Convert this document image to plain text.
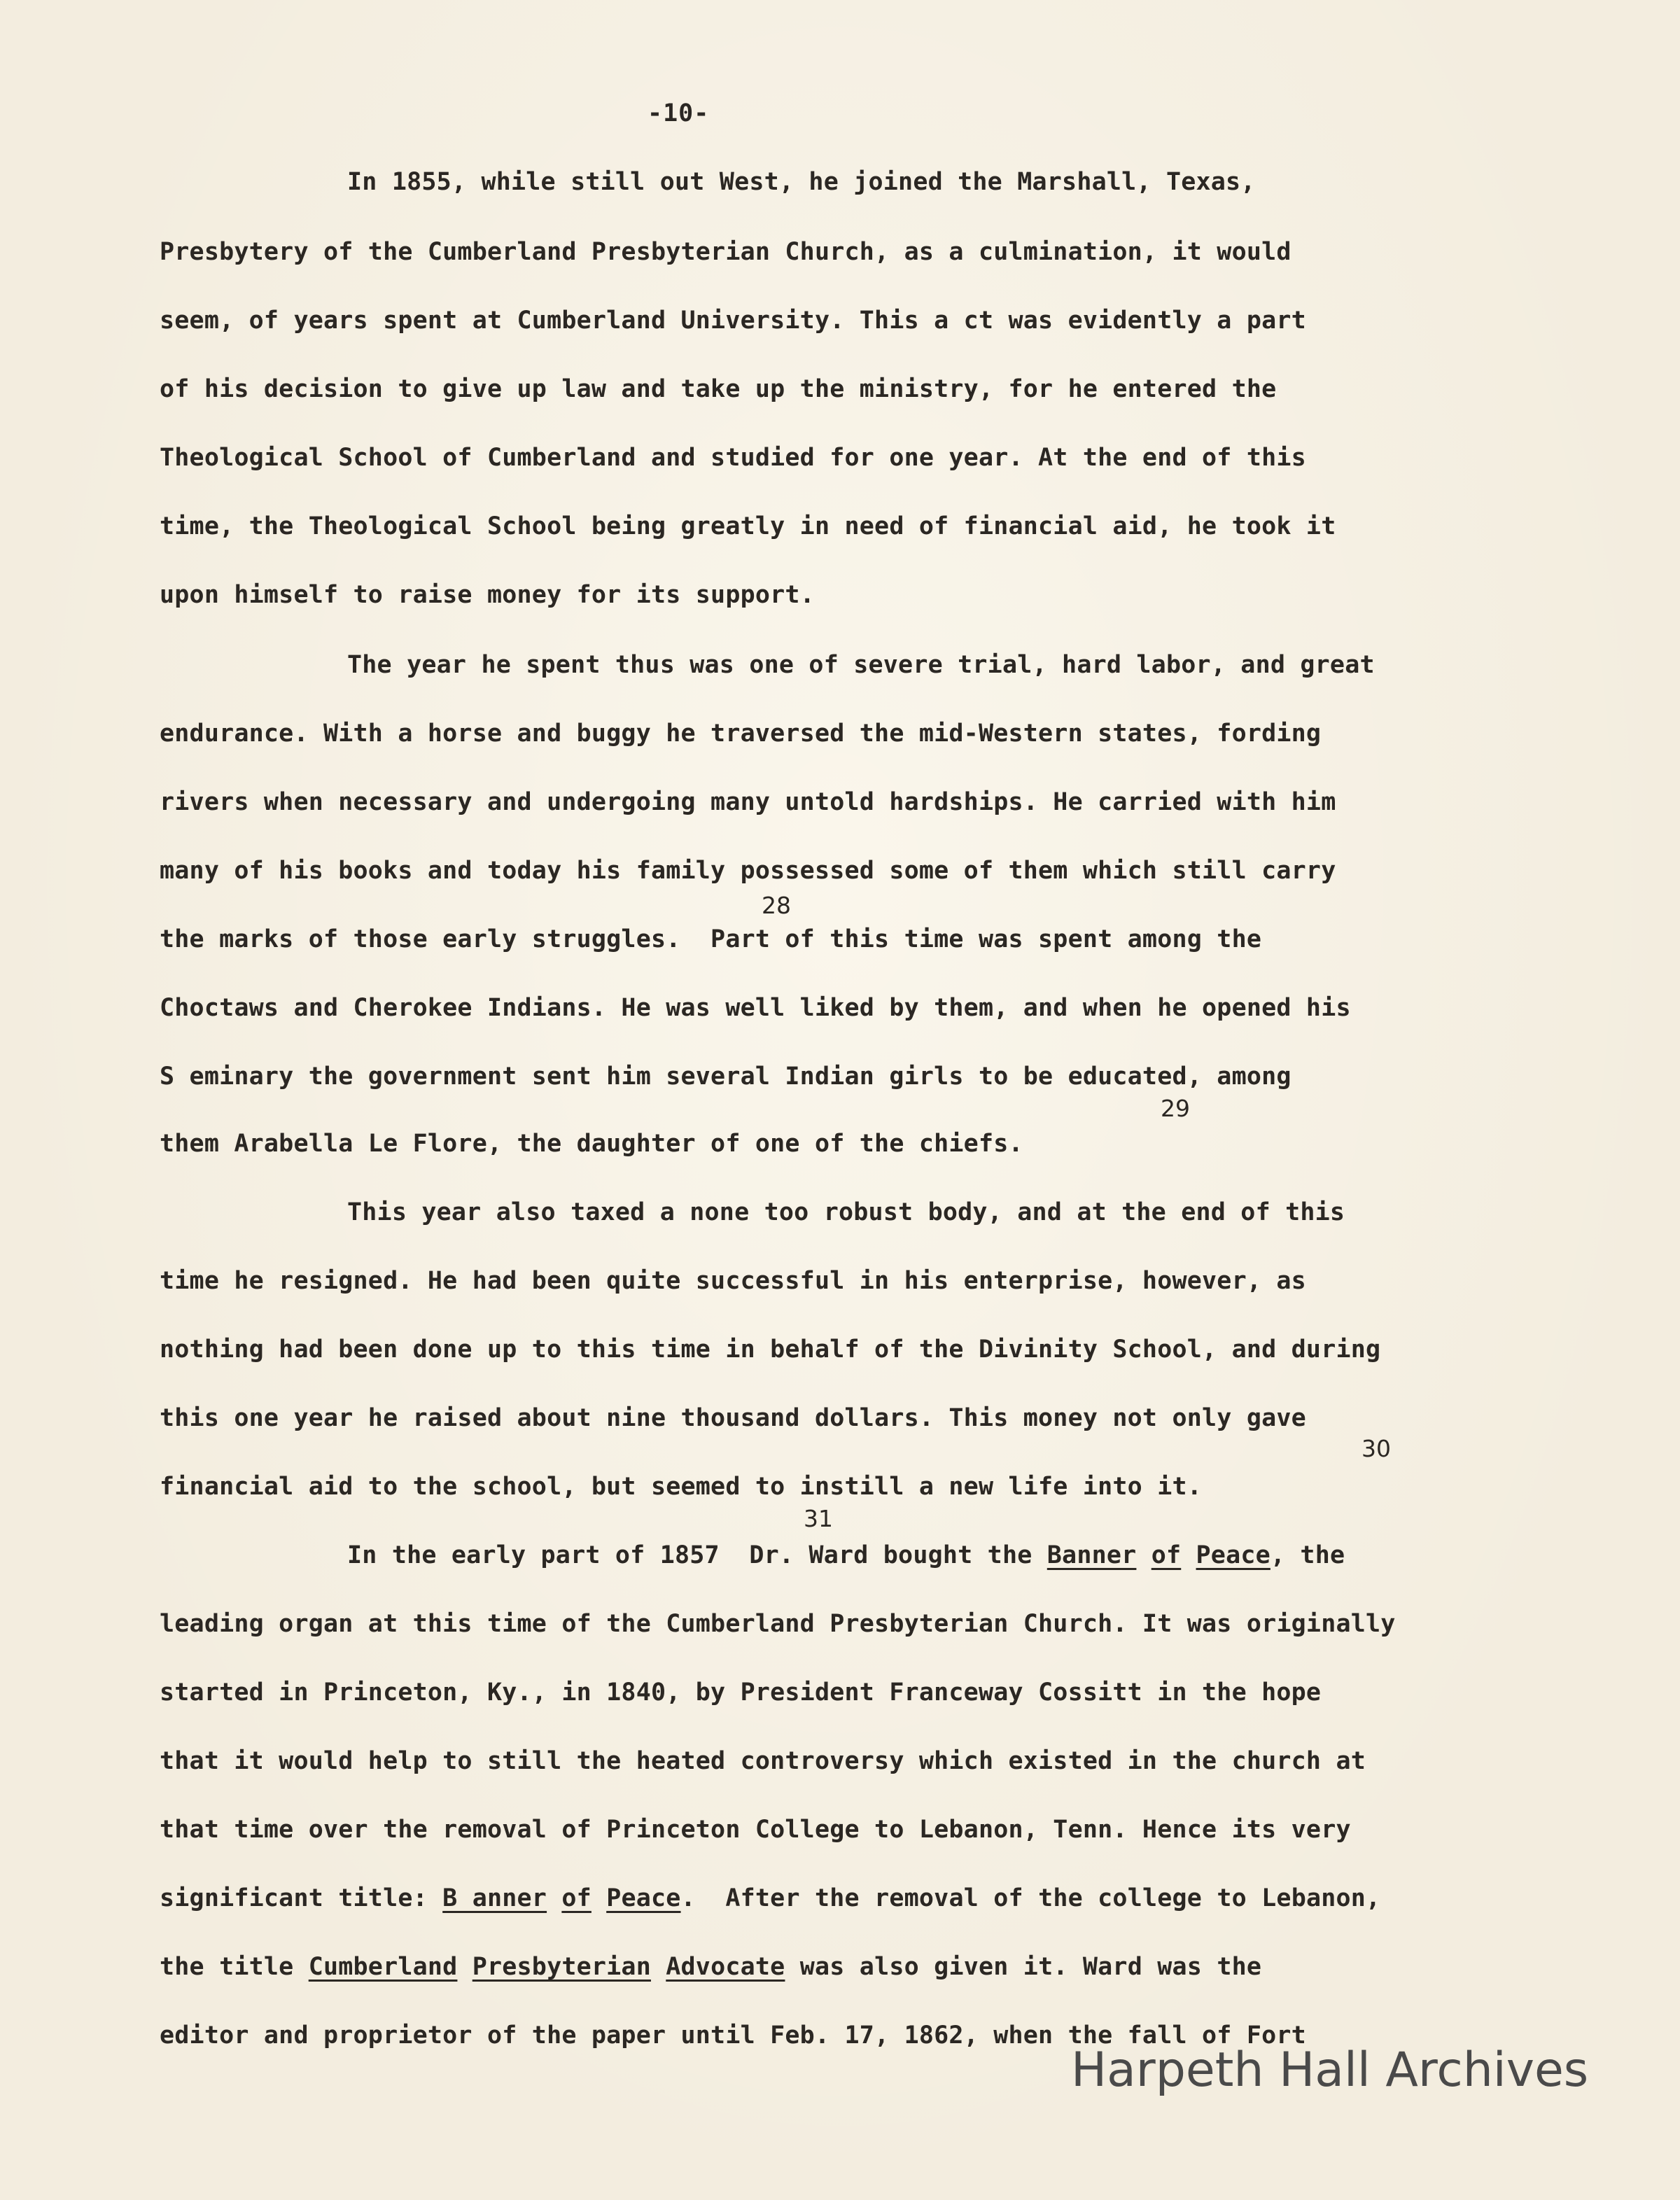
-10-
In 1855, while still out West, he joined the Marshall, Texas,
Presbytery of the Cumberland Presbyterian Church, as a culmination, it would
seem, of years spent at Cumberland University. This a ct was evidently a part
of his decision to give up law and take up the ministry, for he entered the
Theological School of Cumberland and studied for one year. At the end of this
time, the Theological School being greatly in need of financial aid, he took it
upon himself to raise money for its support.
The year he spent thus was one of severe trial, hard labor, and great
endurance. With a horse and buggy he traversed the mid-Western states, fording
rivers when necessary and undergoing many untold hardships. He carried with him
many of his books and today his family possessed some of them which still carry
28
the marks of those early struggles.  Part of this time was spent among the
Choctaws and Cherokee Indians. He was well liked by them, and when he opened his
S eminary the government sent him several Indian girls to be educated, among
29
them Arabella Le Flore, the daughter of one of the chiefs.
This year also taxed a none too robust body, and at the end of this
time he resigned. He had been quite successful in his enterprise, however, as
nothing had been done up to this time in behalf of the Divinity School, and during
this one year he raised about nine thousand dollars. This money not only gave
30
financial aid to the school, but seemed to instill a new life into it.
31
In the early part of 1857  Dr. Ward bought the Banner of Peace, the
leading organ at this time of the Cumberland Presbyterian Church. It was originally
started in Princeton, Ky., in 1840, by President Franceway Cossitt in the hope
that it would help to still the heated controversy which existed in the church at
that time over the removal of Princeton College to Lebanon, Tenn. Hence its very
significant title: B anner of Peace.  After the removal of the college to Lebanon,
the title Cumberland Presbyterian Advocate was also given it. Ward was the
editor and proprietor of the paper until Feb. 17, 1862, when the fall of Fort
Harpeth Hall Archives
